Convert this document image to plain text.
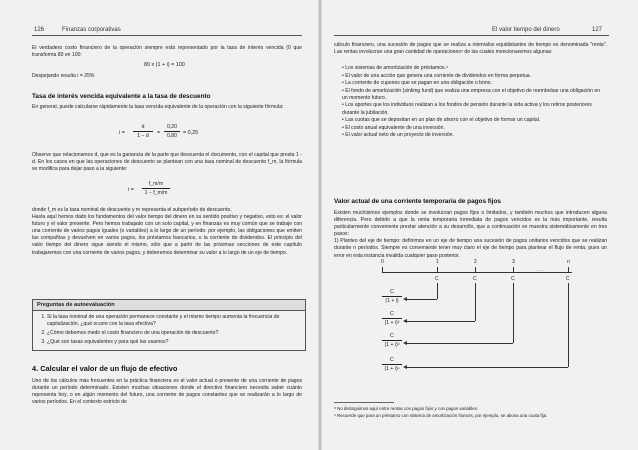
126	Finanzas corporativas

El verdadero costo financiero de la operación siempre está representado por la tasa de interés vencida (0 que transforma 80 en 100:

80 x (1 + i) = 100
Despejando resulta i = 25%

Tasa de interés vencida equivalente a la tasa de descuento

En general, puede calcularse rápidamente la tasa vencida equivalente de la operación con la siguiente fórmula:

i =
d
1 − d =
0,20
0,80 = 0,25

Observe que relacionamos d, que es la ganancia de la parte que descuenta el documento, con el capital que presta 1 - d. En los casos en que las operaciones de descuento se plantean con una tasa nominal de descuento f_m, la fórmula se modifica para dejar paso a la siguiente:

i =
f_m/m
1 − f_m/m

donde f_m es la tasa nominal de descuento y m representa el subperíodo de descuento.
Hasta aquí hemos dado los fundamentos del valor tiempo del dinero en su sentido positivo y negativo, esto es: el valor futuro y el valor presente. Pero hemos trabajado con un solo capital, y en finanzas es muy común que se trabaje con una corriente de varios pagos iguales (o variables) a lo largo de un período: por ejemplo, las obligaciones que emiten las compañías y devuelven en varios pagos, los préstamos bancarios, o la corriente de dividendos. El principio del valor tiempo del dinero sigue siendo el mismo, sólo que a partir de las próximas secciones de este capítulo trabajaremos con una corriente de varios pagos, y deberemos determinar su valor a lo largo de un eje de tiempo.

Preguntas de autoevaluación
1. Si la tasa nominal de una operación permanece constante y el mismo tiempo aumenta la frecuencia de capitalización, ¿qué ocurre con la tasa efectiva?
2. ¿Cómo debemos medir el costo financiero de una operación de descuento?
3. ¿Qué son tasas equivalentes y para qué las usamos?

4. Calcular el valor de un flujo de efectivo

Uno de los cálculos más frecuentes en la práctica financiera es el valor actual o presente de una corriente de pagos durante un período determinado. Existen muchas situaciones donde el directivo financiero necesita saber cuánto representa hoy, o en algún momento del futuro, una corriente de pagos constantes que se realizarán a lo largo de varios períodos. En el contexto estricto de

El valor tiempo del dinero	127

cálculo financiero, una sucesión de pagos que se realiza a intervalos equidistantes de tiempo es denominada "renta". Las rentas involucran una gran cantidad de operaciones⁸ de las cuales mencionaremos algunas:

• Los sistemas de amortización de préstamos.⁹
• El valor de una acción que genera una corriente de dividendos en forma perpetua.
• La corriente de cupones que se pagan en una obligación o bono.
• El fondo de amortización (sinking fund) que realiza una empresa con el objetivo de reembolsar una obligación en un momento futuro.
• Los aportes que los individuos realizan a los fondos de pensión durante la vida activa y los retiros posteriores durante la jubilación.
• Las cuotas que se depositan en un plan de ahorro con el objetivo de formar un capital.
• El costo anual equivalente de una inversión.
• El valor actual neto de un proyecto de inversión.

Valor actual de una corriente temporaria de pagos fijos

Existen muchísimos ejemplos donde se involucran pagos fijos o limitados, y también muchos que introducen alguna diferencia. Pero debido a que la renta temporaria inmediata de pagos vencidos es la más importante, resulta particularmente conveniente prestar atención a su desarrollo, que a continuación se muestra sistemáticamente en tres pasos:
1) Planteo del eje de tiempo: definimos en un eje de tiempo una sucesión de pagos unitarios vencidos que se realizan durante n períodos. Siempre es conveniente tener muy claro el eje de tiempo para plantear el flujo de renta, pues un error en esta instancia invalida cualquier paso posterior.

0	1	2	3	n
C	C	C	C
......
C
(1 + i)
C
(1 + i)²
C
(1 + i)³
C
(1 + i)ⁿ

⁸ No distinguimos aquí entre rentas con pagos fijos y con pagos variables.

⁹ Recuerde que para un préstamo con sistema de amortización francés, por ejemplo, se abona una cuota fija.
